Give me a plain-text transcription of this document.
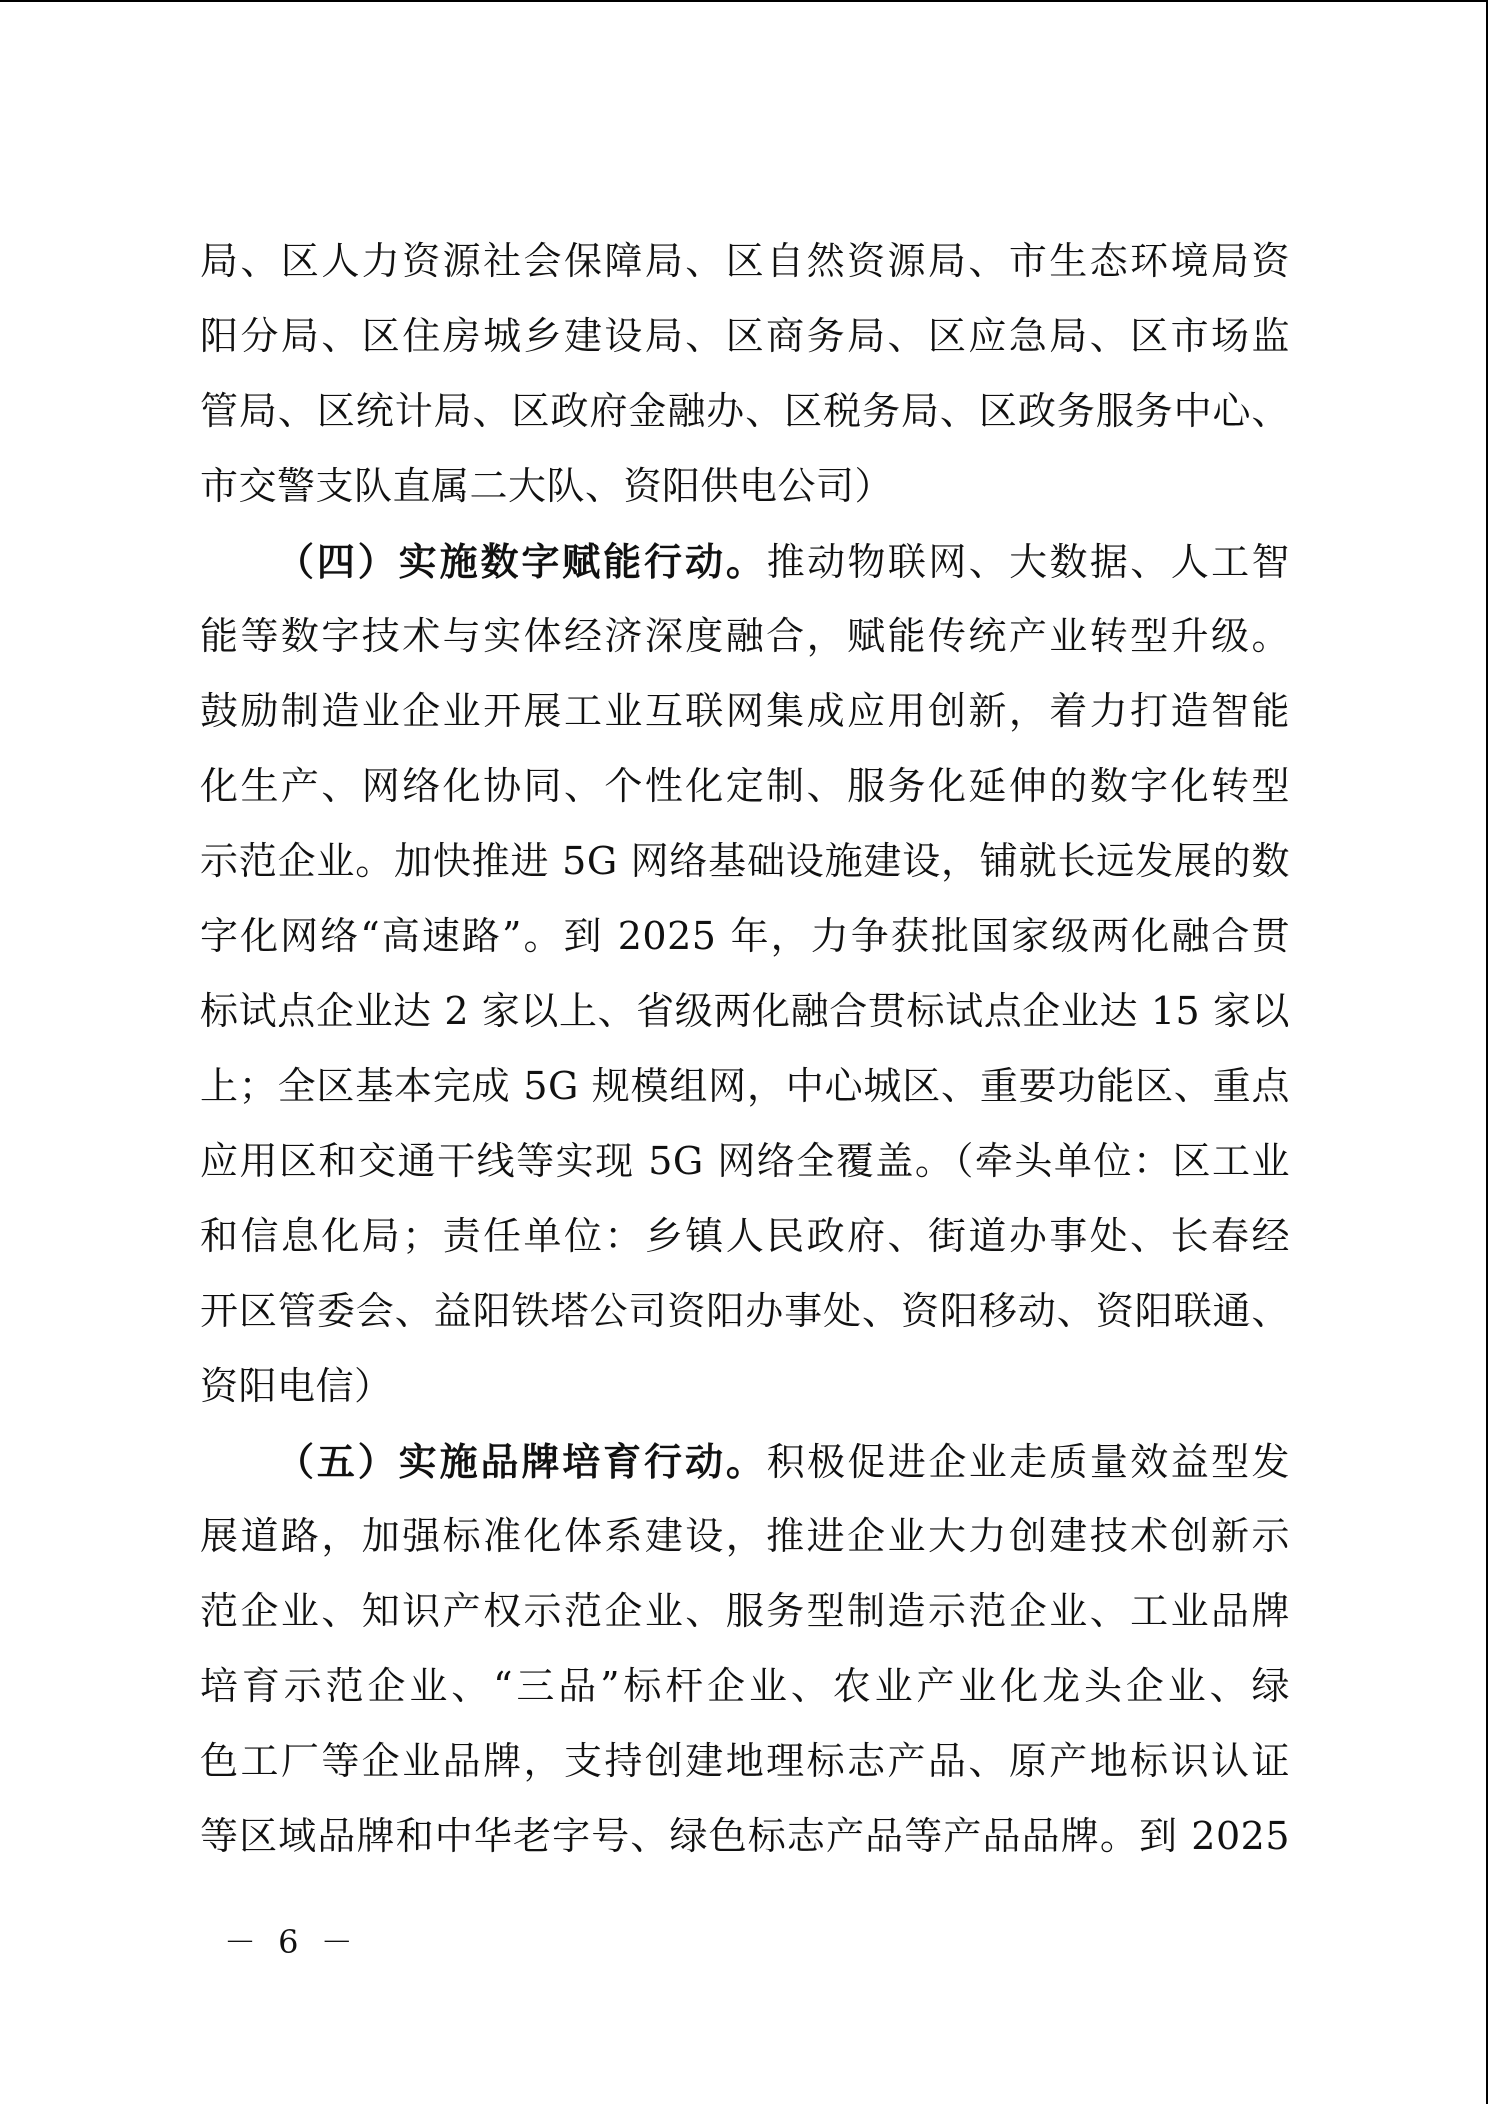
局、区人力资源社会保障局、区自然资源局、市生态环境局资
阳分局、区住房城乡建设局、区商务局、区应急局、区市场监
管局、区统计局、区政府金融办、区税务局、区政务服务中心、
市交警支队直属二大队、资阳供电公司）
（四）实施数字赋能行动。推动物联网、大数据、人工智
能等数字技术与实体经济深度融合，赋能传统产业转型升级。
鼓励制造业企业开展工业互联网集成应用创新，着力打造智能
化生产、网络化协同、个性化定制、服务化延伸的数字化转型
示范企业。加快推进 5G 网络基础设施建设，铺就长远发展的数
字化网络“高速路”。到 2025 年，力争获批国家级两化融合贯
标试点企业达 2 家以上、省级两化融合贯标试点企业达 15 家以
上；全区基本完成 5G 规模组网，中心城区、重要功能区、重点
应用区和交通干线等实现 5G 网络全覆盖。（牵头单位：区工业
和信息化局；责任单位：乡镇人民政府、街道办事处、长春经
开区管委会、益阳铁塔公司资阳办事处、资阳移动、资阳联通、
资阳电信）
（五）实施品牌培育行动。积极促进企业走质量效益型发
展道路，加强标准化体系建设，推进企业大力创建技术创新示
范企业、知识产权示范企业、服务型制造示范企业、工业品牌
培育示范企业、“三品”标杆企业、农业产业化龙头企业、绿
色工厂等企业品牌，支持创建地理标志产品、原产地标识认证
等区域品牌和中华老字号、绿色标志产品等产品品牌。到 2025
－ 6 －
